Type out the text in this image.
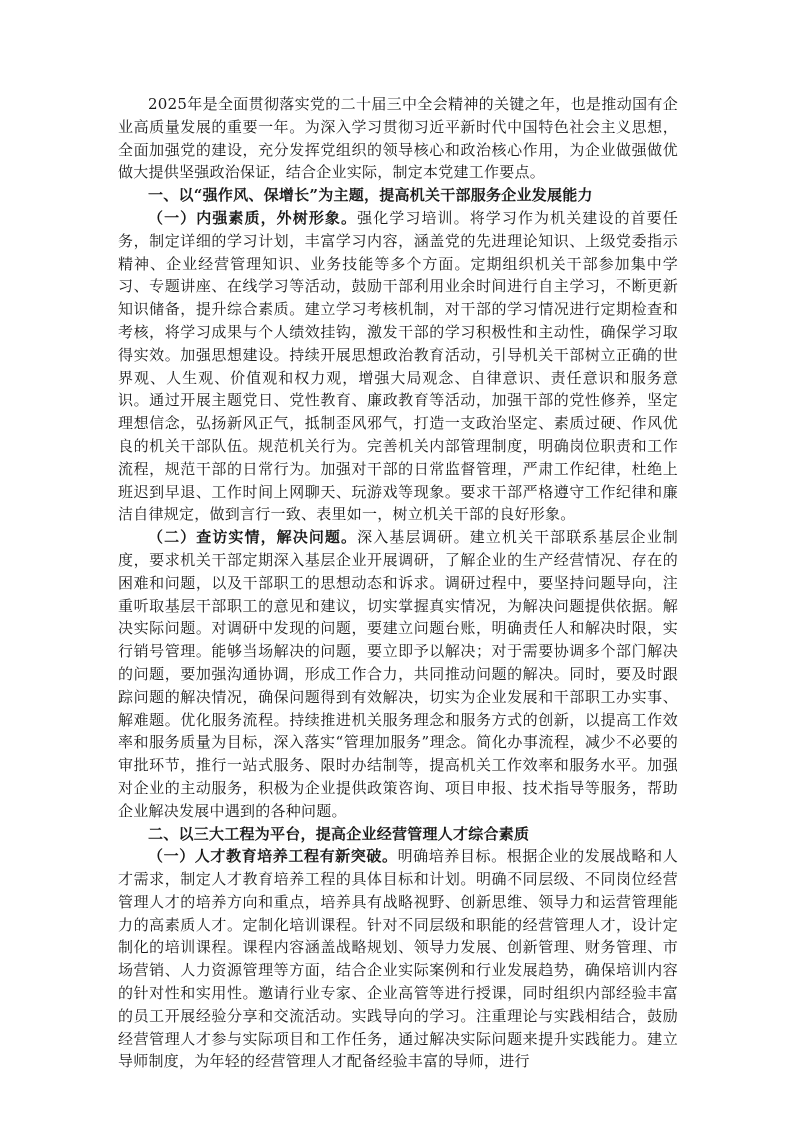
2025年是全面贯彻落实党的二十届三中全会精神的关键之年，也是推动国有企业高质量发展的重要一年。为深入学习贯彻习近平新时代中国特色社会主义思想，全面加强党的建设，充分发挥党组织的领导核心和政治核心作用，为企业做强做优做大提供坚强政治保证，结合企业实际，制定本党建工作要点。

一、以“强作风、保增长”为主题，提高机关干部服务企业发展能力

（一）内强素质，外树形象。强化学习培训。将学习作为机关建设的首要任务，制定详细的学习计划，丰富学习内容，涵盖党的先进理论知识、上级党委指示精神、企业经营管理知识、业务技能等多个方面。定期组织机关干部参加集中学习、专题讲座、在线学习等活动，鼓励干部利用业余时间进行自主学习，不断更新知识储备，提升综合素质。建立学习考核机制，对干部的学习情况进行定期检查和考核，将学习成果与个人绩效挂钩，激发干部的学习积极性和主动性，确保学习取得实效。加强思想建设。持续开展思想政治教育活动，引导机关干部树立正确的世界观、人生观、价值观和权力观，增强大局观念、自律意识、责任意识和服务意识。通过开展主题党日、党性教育、廉政教育等活动，加强干部的党性修养，坚定理想信念，弘扬新风正气，抵制歪风邪气，打造一支政治坚定、素质过硬、作风优良的机关干部队伍。规范机关行为。完善机关内部管理制度，明确岗位职责和工作流程，规范干部的日常行为。加强对干部的日常监督管理，严肃工作纪律，杜绝上班迟到早退、工作时间上网聊天、玩游戏等现象。要求干部严格遵守工作纪律和廉洁自律规定，做到言行一致、表里如一，树立机关干部的良好形象。

（二）查访实情，解决问题。深入基层调研。建立机关干部联系基层企业制度，要求机关干部定期深入基层企业开展调研，了解企业的生产经营情况、存在的困难和问题，以及干部职工的思想动态和诉求。调研过程中，要坚持问题导向，注重听取基层干部职工的意见和建议，切实掌握真实情况，为解决问题提供依据。解决实际问题。对调研中发现的问题，要建立问题台账，明确责任人和解决时限，实行销号管理。能够当场解决的问题，要立即予以解决；对于需要协调多个部门解决的问题，要加强沟通协调，形成工作合力，共同推动问题的解决。同时，要及时跟踪问题的解决情况，确保问题得到有效解决，切实为企业发展和干部职工办实事、解难题。优化服务流程。持续推进机关服务理念和服务方式的创新，以提高工作效率和服务质量为目标，深入落实“管理加服务”理念。简化办事流程，减少不必要的审批环节，推行一站式服务、限时办结制等，提高机关工作效率和服务水平。加强对企业的主动服务，积极为企业提供政策咨询、项目申报、技术指导等服务，帮助企业解决发展中遇到的各种问题。

二、以三大工程为平台，提高企业经营管理人才综合素质

（一）人才教育培养工程有新突破。明确培养目标。根据企业的发展战略和人才需求，制定人才教育培养工程的具体目标和计划。明确不同层级、不同岗位经营管理人才的培养方向和重点，培养具有战略视野、创新思维、领导力和运营管理能力的高素质人才。定制化培训课程。针对不同层级和职能的经营管理人才，设计定制化的培训课程。课程内容涵盖战略规划、领导力发展、创新管理、财务管理、市场营销、人力资源管理等方面，结合企业实际案例和行业发展趋势，确保培训内容的针对性和实用性。邀请行业专家、企业高管等进行授课，同时组织内部经验丰富的员工开展经验分享和交流活动。实践导向的学习。注重理论与实践相结合，鼓励经营管理人才参与实际项目和工作任务，通过解决实际问题来提升实践能力。建立导师制度，为年轻的经营管理人才配备经验丰富的导师，进行
